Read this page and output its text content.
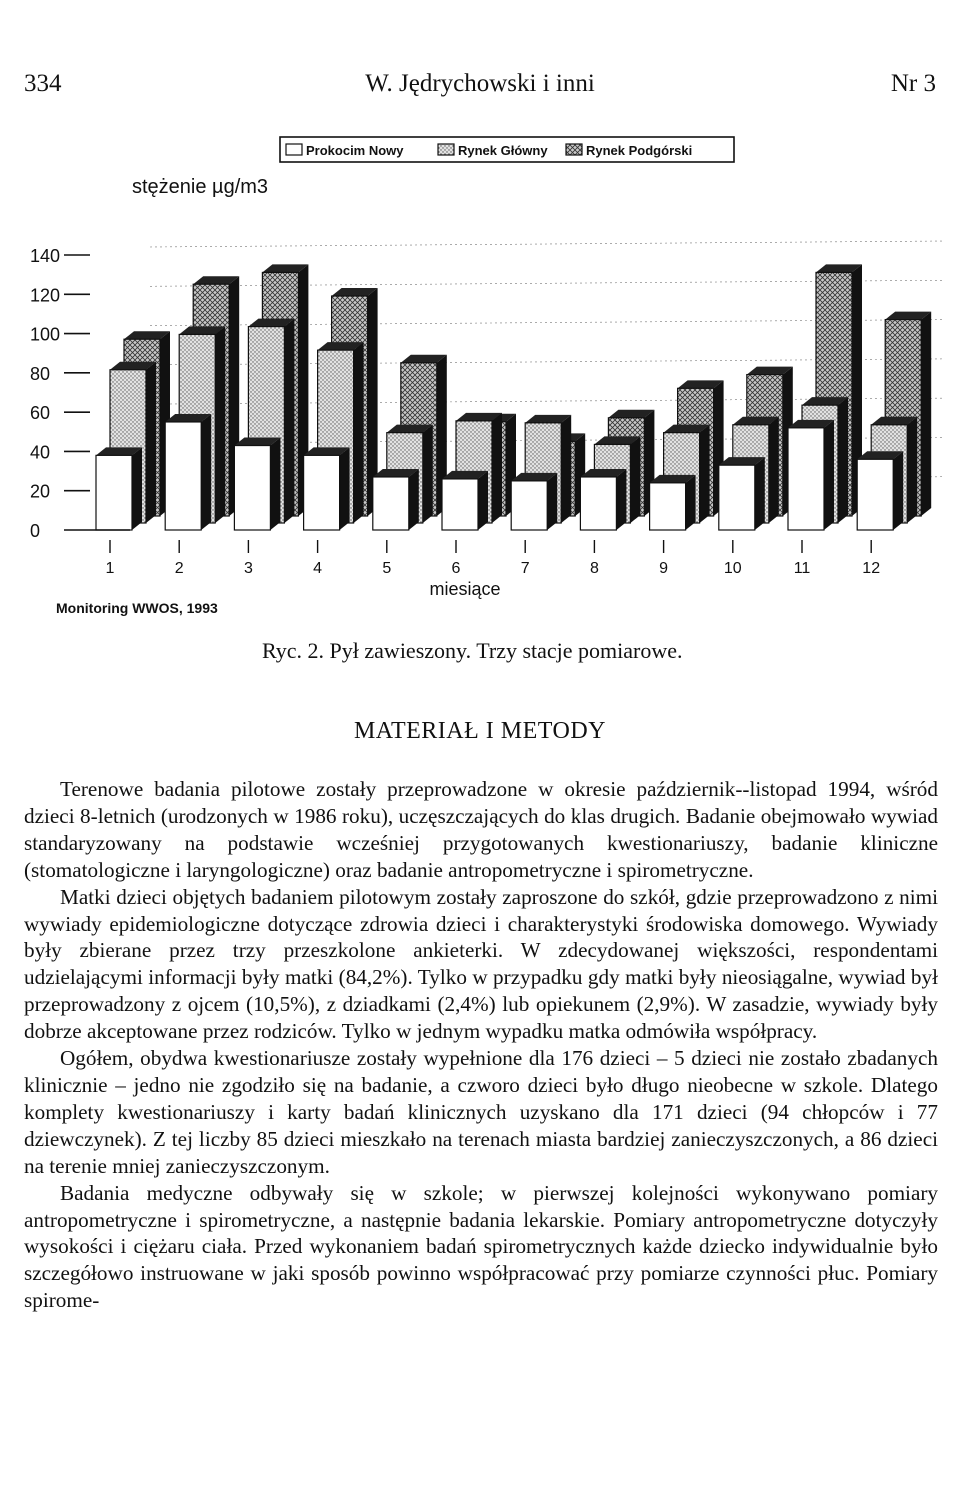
334	W. Jędrychowski i inni	Nr 3
Prokocim Nowy	Rynek Główny	Rynek Podgórski
stężenie µg/m3
0
20
40
60
80
100
120
140
1	2	3	4	5	6	7	8	9	10	11	12
miesiące
Monitoring WWOS, 1993
Ryc. 2. Pył zawieszony. Trzy stacje pomiarowe.
MATERIAŁ I METODY

Terenowe badania pilotowe zostały przeprowadzone w okresie październik--listopad 1994, wśród dzieci 8-letnich (urodzonych w 1986 roku), uczęszczających do klas drugich. Badanie obejmowało wywiad standaryzowany na podstawie wcześniej przygotowanych kwestionariuszy, badanie kliniczne (stomatologiczne i laryngologiczne) oraz badanie antropometryczne i spirometryczne.

Matki dzieci objętych badaniem pilotowym zostały zaproszone do szkół, gdzie przeprowadzono z nimi wywiady epidemiologiczne dotyczące zdrowia dzieci i charakterystyki środowiska domowego. Wywiady były zbierane przez trzy przeszkolone ankieterki. W zdecydowanej większości, respondentami udzielającymi informacji były matki (84,2%). Tylko w przypadku gdy matki były nieosiągalne, wywiad był przeprowadzony z ojcem (10,5%), z dziadkami (2,4%) lub opiekunem (2,9%). W zasadzie, wywiady były dobrze akceptowane przez rodziców. Tylko w jednym wypadku matka odmówiła współpracy.

Ogółem, obydwa kwestionariusze zostały wypełnione dla 176 dzieci – 5 dzieci nie zostało zbadanych klinicznie – jedno nie zgodziło się na badanie, a czworo dzieci było długo nieobecne w szkole. Dlatego komplety kwestionariuszy i karty badań klinicznych uzyskano dla 171 dzieci (94 chłopców i 77 dziewczynek). Z tej liczby 85 dzieci mieszkało na terenach miasta bardziej zanieczyszczonych, a 86 dzieci na terenie mniej zanieczyszczonym.

Badania medyczne odbywały się w szkole; w pierwszej kolejności wykonywano pomiary antropometryczne i spirometryczne, a następnie badania lekarskie. Pomiary antropometryczne dotyczyły wysokości i ciężaru ciała. Przed wykonaniem badań spirometrycznych każde dziecko indywidualnie było szczegółowo instruowane w jaki sposób powinno współpracować przy pomiarze czynności płuc. Pomiary spirome-
